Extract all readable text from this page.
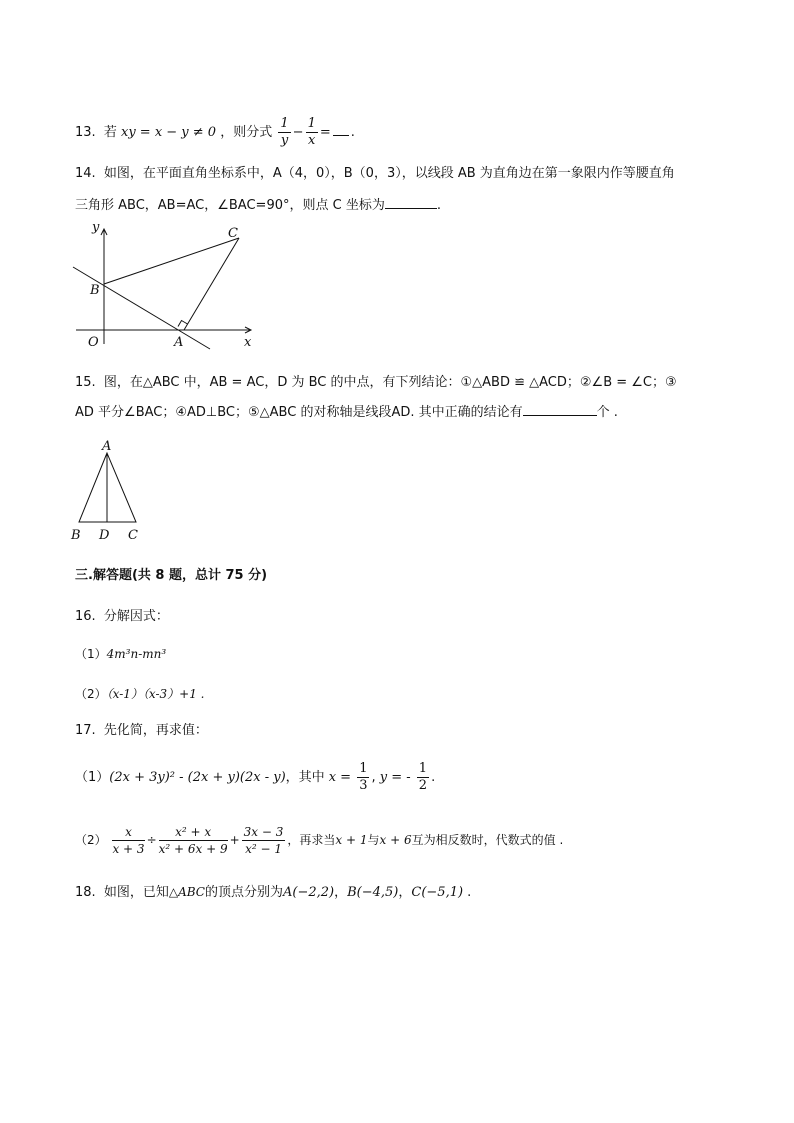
13. 若 xy = x − y ≠ 0 ，则分式 $\frac{1}{y} - \frac{1}{x}$ = .
14. 如图，在平面直角坐标系中，A（4，0），B（0，3），以线段 AB 为直角边在第一象限内作等腰直角
三角形 ABC，AB=AC，∠BAC=90°，则点 C 坐标为	.
y	C
B
O	A	x
15. 图，在△ABC 中，AB = AC，D 为 BC 的中点，有下列结论：①△ABD ≌ △ACD；②∠B = ∠C；③
AD 平分∠BAC；④AD⊥BC；⑤△ABC 的对称轴是线段AD. 其中正确的结论有	个 .
A
B D C
三.解答题(共 8 题，总计 75 分)
16. 分解因式：
（1）4m³n-mn³
（2）（x-1）（x-3）+1 .
17. 先化简，再求值：
（1）(2x + 3y)² - (2x + y)(2x - y)，其中 $x = \frac{1}{3}$ , y = - $\frac{1}{2}$ .
$(2) \frac{x}{x + 3} \div \frac{\text{x² + x}}{\text{x² + 6x + 9}} + \frac{3x - 3}{\text{x² − 1}}$ ，再求当x + 1与x + 6互为相反数时，代数式的值 .
18. 如图，已知△ABC的顶点分别为A(−2,2)，B(−4,5)，C(−5,1) .
